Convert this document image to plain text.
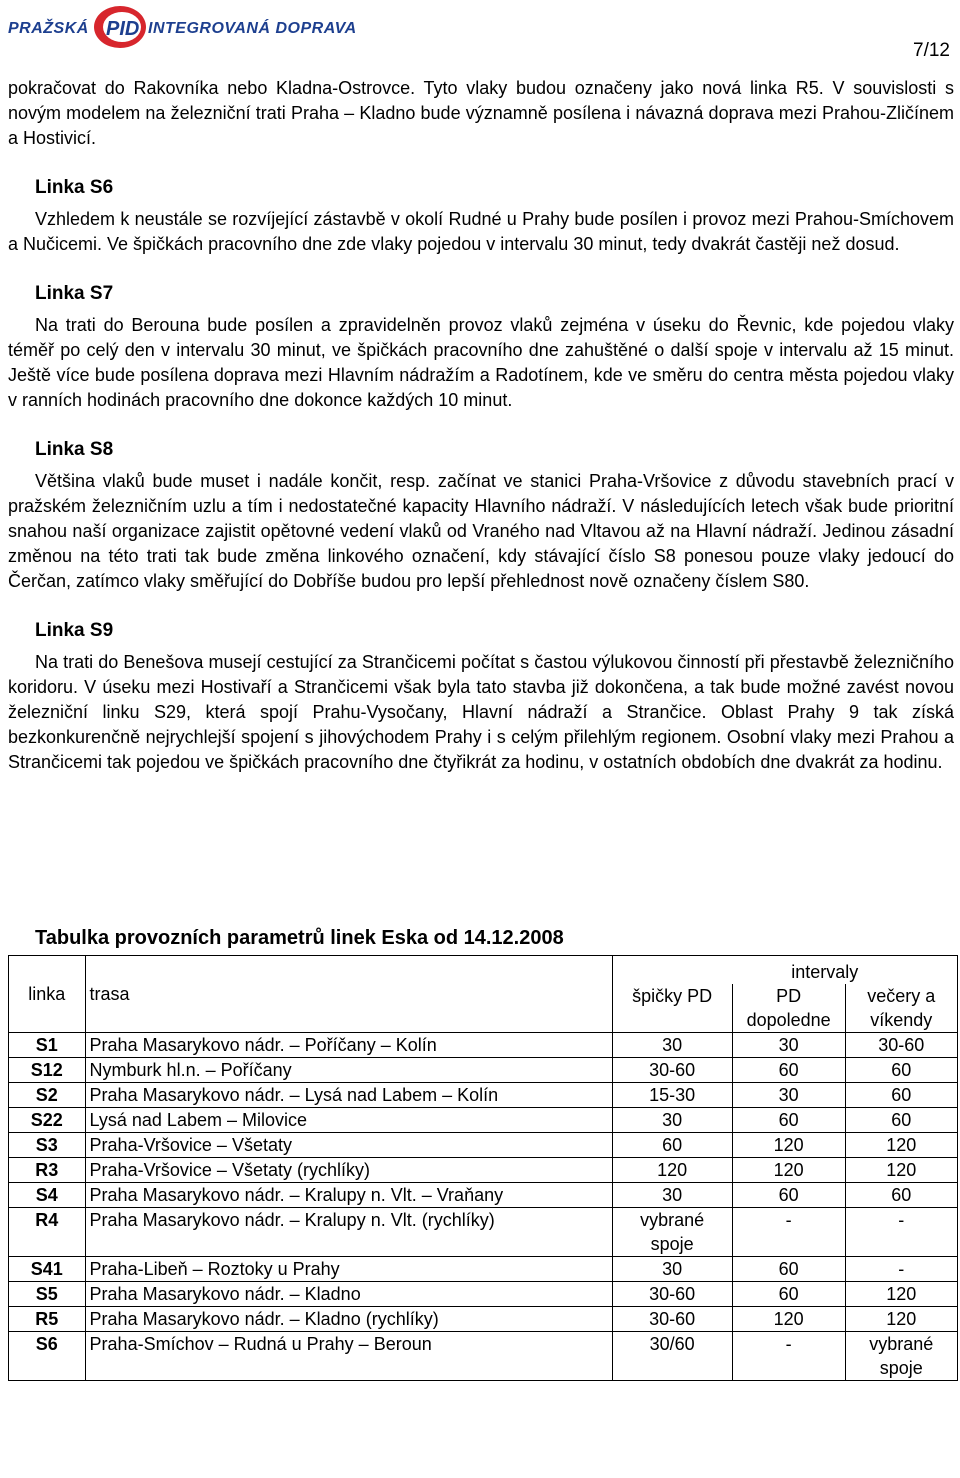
PRAŽSKÁ PID INTEGROVANÁ DOPRAVA
7/12

pokračovat do Rakovníka nebo Kladna-Ostrovce. Tyto vlaky budou označeny jako nová linka R5. V souvislosti s novým modelem na železniční trati Praha – Kladno bude významně posílena i návazná doprava mezi Prahou-Zličínem a Hostivicí.

Linka S6

Vzhledem k neustále se rozvíjející zástavbě v okolí Rudné u Prahy bude posílen i provoz mezi Prahou-Smíchovem a Nučicemi. Ve špičkách pracovního dne zde vlaky pojedou v intervalu 30 minut, tedy dvakrát častěji než dosud.

Linka S7

Na trati do Berouna bude posílen a zpravidelněn provoz vlaků zejména v úseku do Řevnic, kde pojedou vlaky téměř po celý den v intervalu 30 minut, ve špičkách pracovního dne zahuštěné o další spoje v intervalu až 15 minut. Ještě více bude posílena doprava mezi Hlavním nádražím a Radotínem, kde ve směru do centra města pojedou vlaky v ranních hodinách pracovního dne dokonce každých 10 minut.

Linka S8

Většina vlaků bude muset i nadále končit, resp. začínat ve stanici Praha-Vršovice z důvodu stavebních prací v pražském železničním uzlu a tím i nedostatečné kapacity Hlavního nádraží. V následujících letech však bude prioritní snahou naší organizace zajistit opětovné vedení vlaků od Vraného nad Vltavou až na Hlavní nádraží. Jedinou zásadní změnou na této trati tak bude změna linkového označení, kdy stávající číslo S8 ponesou pouze vlaky jedoucí do Čerčan, zatímco vlaky směřující do Dobříše budou pro lepší přehlednost nově označeny číslem S80.

Linka S9

Na trati do Benešova musejí cestující za Strančicemi počítat s častou výlukovou činností při přestavbě železničního koridoru. V úseku mezi Hostivaří a Strančicemi však byla tato stavba již dokončena, a tak bude možné zavést novou železniční linku S29, která spojí Prahu-Vysočany, Hlavní nádraží a Strančice. Oblast Prahy 9 tak získá bezkonkurenčně nejrychlejší spojení s jihovýchodem Prahy i s celým přilehlým regionem. Osobní vlaky mezi Prahou a Strančicemi tak pojedou ve špičkách pracovního dne čtyřikrát za hodinu, v ostatních obdobích dne dvakrát za hodinu.

Tabulka provozních parametrů linek Eska od 14.12.2008
linka	trasa	intervaly		
		špičky PD	PD dopoledne	večery a víkendy
S1	Praha Masarykovo nádr. – Poříčany – Kolín	30	30	30-60
S12	Nymburk hl.n. – Poříčany	30-60	60	60
S2	Praha Masarykovo nádr. – Lysá nad Labem – Kolín	15-30	30	60
S22	Lysá nad Labem – Milovice	30	60	60
S3	Praha-Vršovice – Všetaty	60	120	120
R3	Praha-Vršovice – Všetaty (rychlíky)	120	120	120
S4	Praha Masarykovo nádr. – Kralupy n. Vlt. – Vraňany	30	60	60
R4	Praha Masarykovo nádr. – Kralupy n. Vlt. (rychlíky)	vybrané spoje	-	-
S41	Praha-Libeň – Roztoky u Prahy	30	60	-
S5	Praha Masarykovo nádr. – Kladno	30-60	60	120
R5	Praha Masarykovo nádr. – Kladno (rychlíky)	30-60	120	120
S6	Praha-Smíchov – Rudná u Prahy – Beroun	30/60	-	vybrané spoje
